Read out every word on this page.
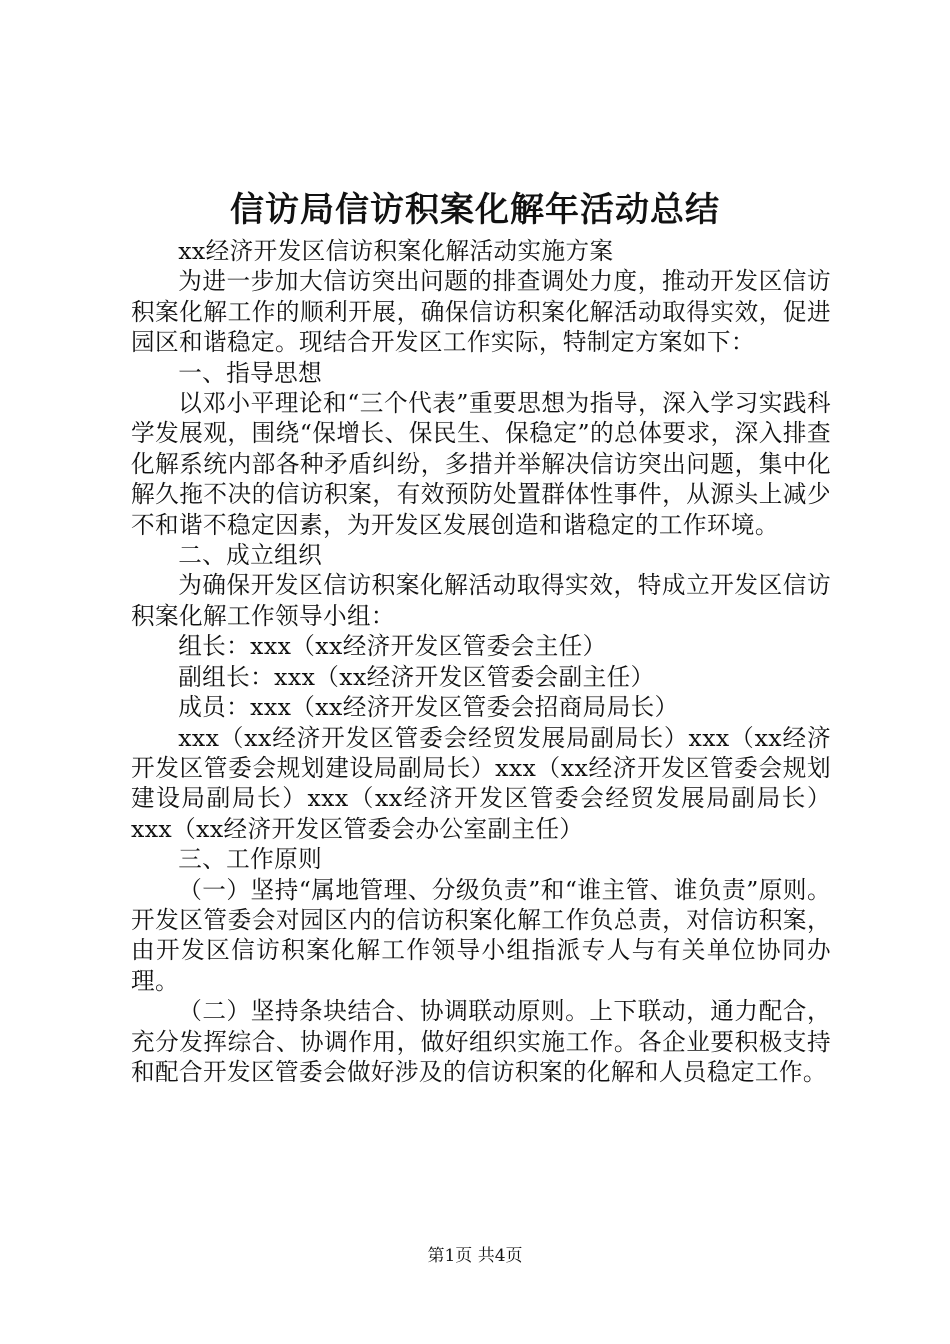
信访局信访积案化解年活动总结

xx经济开发区信访积案化解活动实施方案

为进一步加大信访突出问题的排查调处力度，推动开发区信访积案化解工作的顺利开展，确保信访积案化解活动取得实效，促进园区和谐稳定。现结合开发区工作实际，特制定方案如下：

一、指导思想

以邓小平理论和“三个代表”重要思想为指导，深入学习实践科学发展观，围绕“保增长、保民生、保稳定”的总体要求，深入排查化解系统内部各种矛盾纠纷，多措并举解决信访突出问题，集中化解久拖不决的信访积案，有效预防处置群体性事件，从源头上减少不和谐不稳定因素，为开发区发展创造和谐稳定的工作环境。

二、成立组织

为确保开发区信访积案化解活动取得实效，特成立开发区信访积案化解工作领导小组：

组长：xxx（xx经济开发区管委会主任）

副组长：xxx（xx经济开发区管委会副主任）

成员：xxx（xx经济开发区管委会招商局局长）

xxx（xx经济开发区管委会经贸发展局副局长）xxx（xx经济开发区管委会规划建设局副局长）xxx（xx经济开发区管委会规划建设局副局长）xxx（xx经济开发区管委会经贸发展局副局长）xxx（xx经济开发区管委会办公室副主任）

三、工作原则

（一）坚持“属地管理、分级负责”和“谁主管、谁负责”原则。开发区管委会对园区内的信访积案化解工作负总责，对信访积案，由开发区信访积案化解工作领导小组指派专人与有关单位协同办理。

（二）坚持条块结合、协调联动原则。上下联动，通力配合，充分发挥综合、协调作用，做好组织实施工作。各企业要积极支持和配合开发区管委会做好涉及的信访积案的化解和人员稳定工作。

第1页 共4页
